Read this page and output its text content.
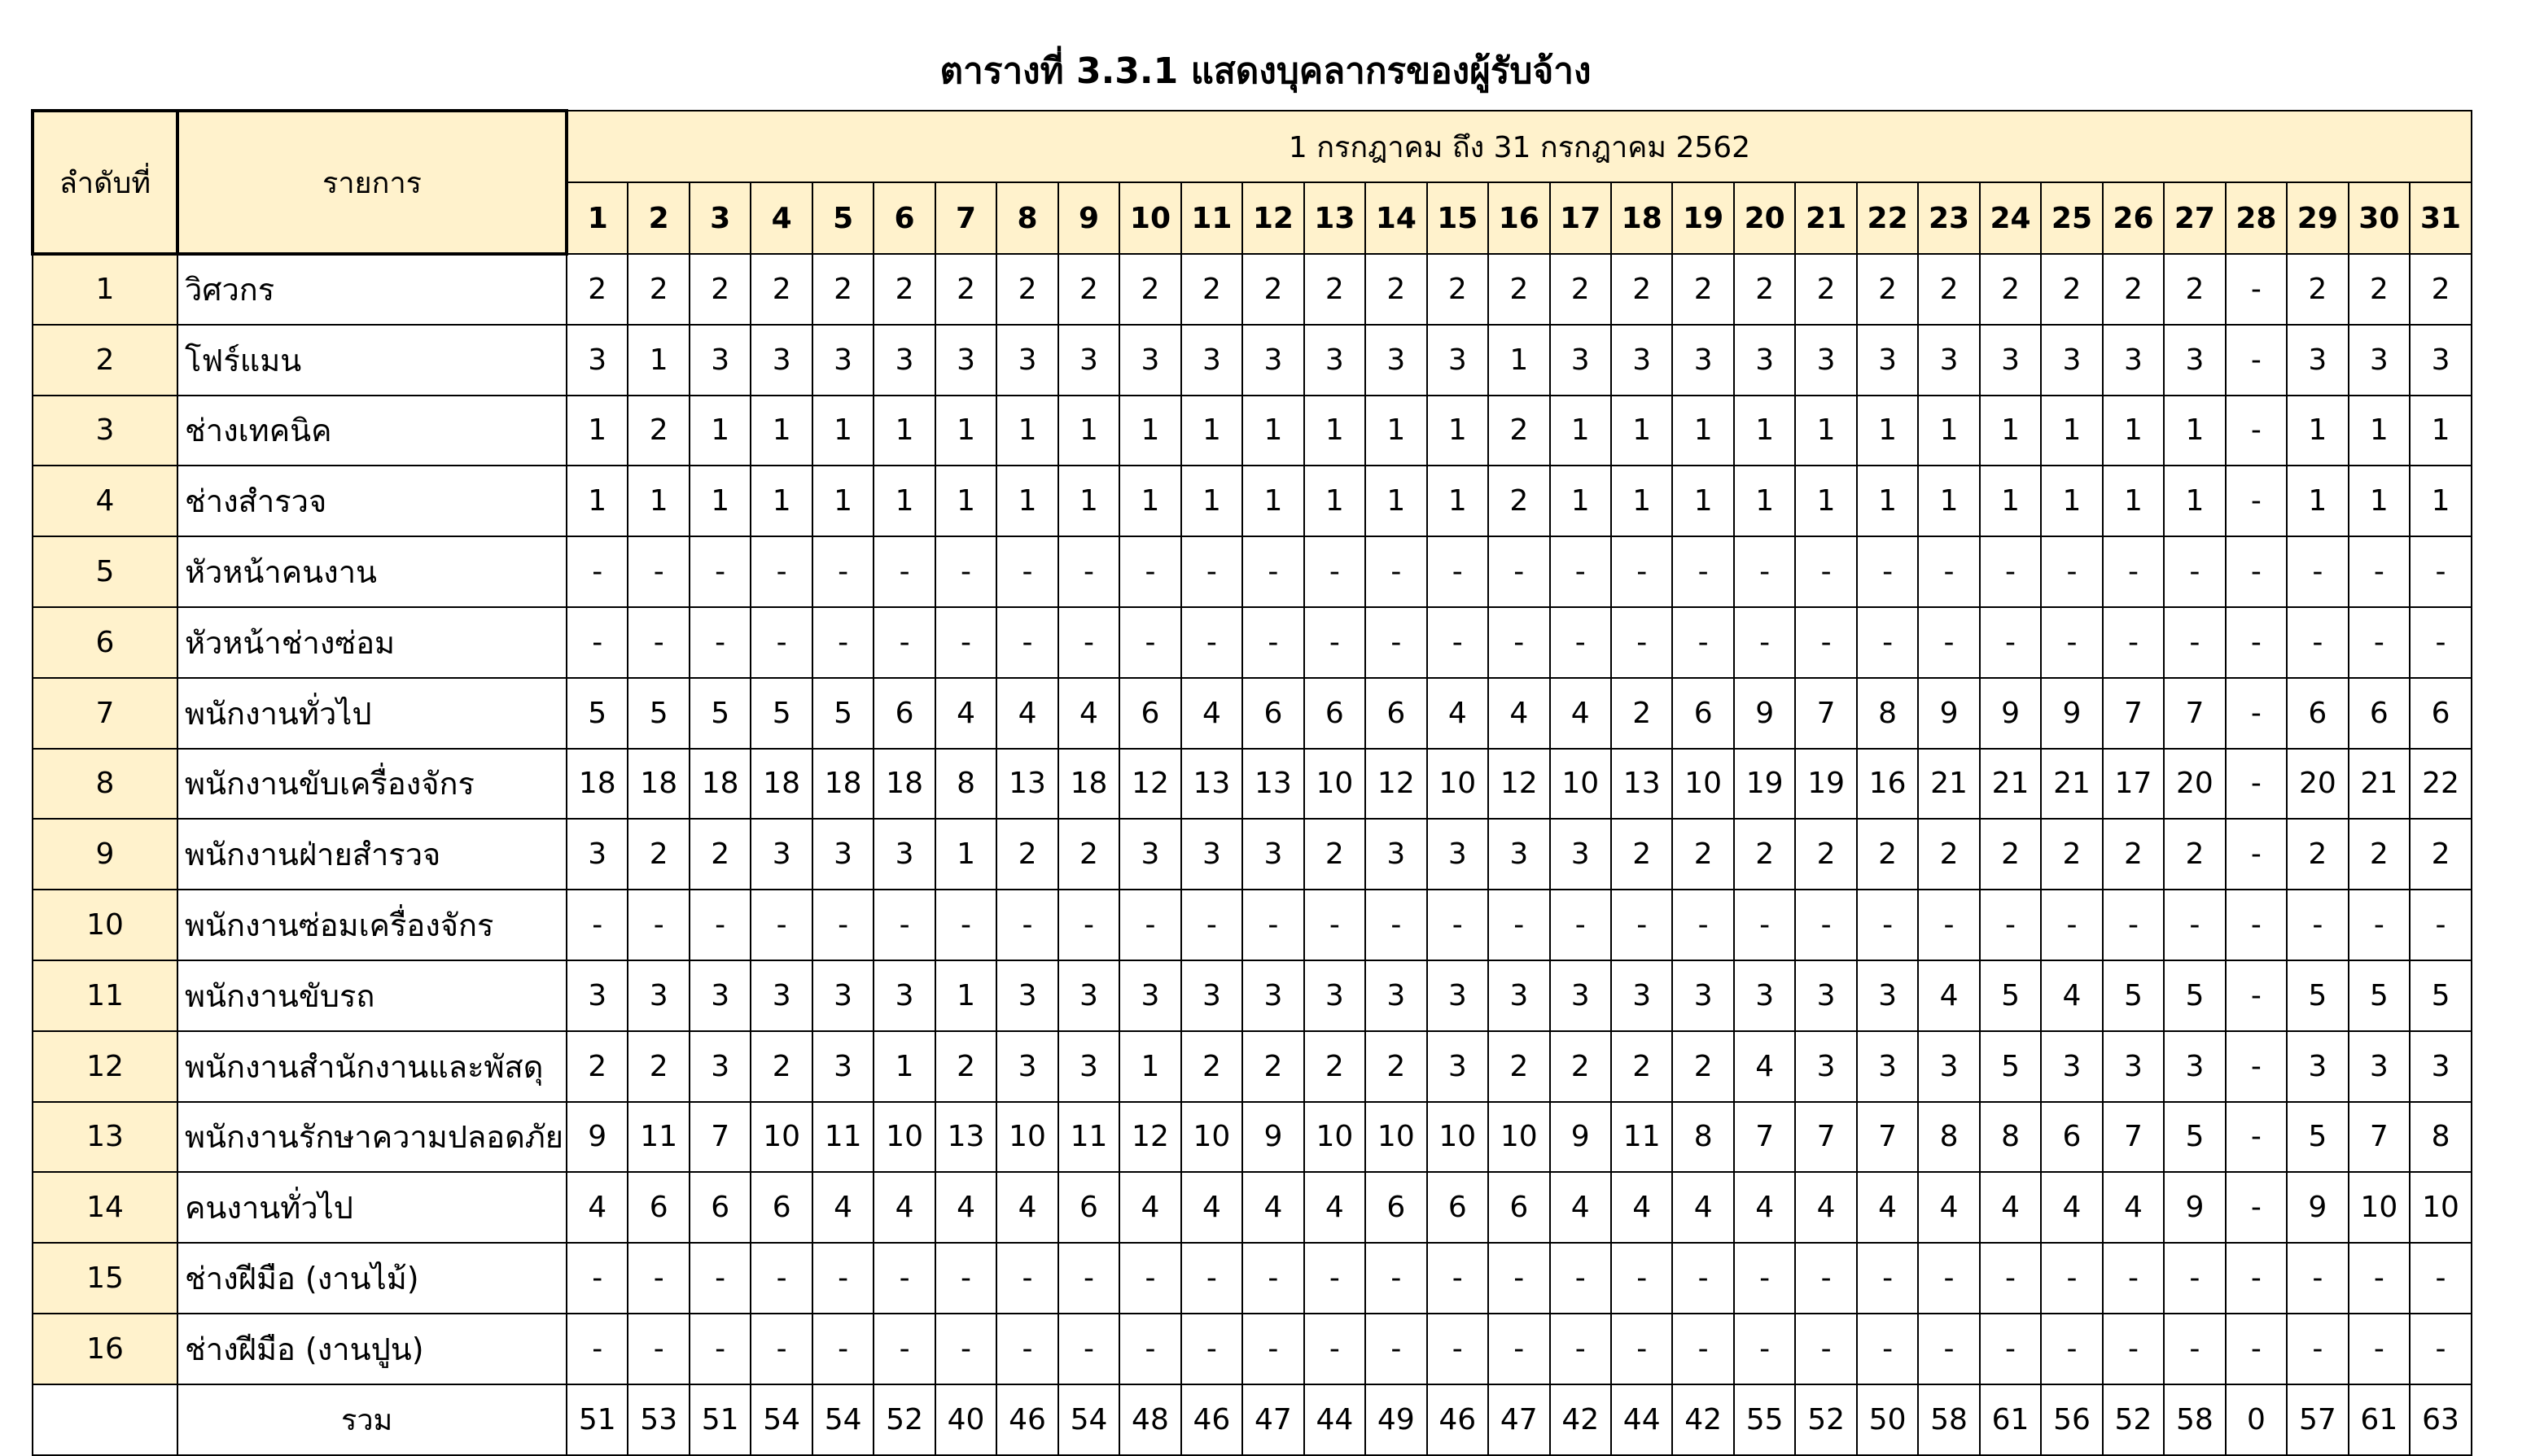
ตารางที่ 3.3.1 แสดงบุคลากรของผู้รับจ้าง
ลำดับที่	รายการ	1 กรกฎาคม ถึง 31 กรกฎาคม 2562																														
		1	2	3	4	5	6	7	8	9	10	11	12	13	14	15	16	17	18	19	20	21	22	23	24	25	26	27	28	29	30	31
1	วิศวกร	2	2	2	2	2	2	2	2	2	2	2	2	2	2	2	2	2	2	2	2	2	2	2	2	2	2	2	-	2	2	2
2	โฟร์แมน	3	1	3	3	3	3	3	3	3	3	3	3	3	3	3	1	3	3	3	3	3	3	3	3	3	3	3	-	3	3	3
3	ช่างเทคนิค	1	2	1	1	1	1	1	1	1	1	1	1	1	1	1	2	1	1	1	1	1	1	1	1	1	1	1	-	1	1	1
4	ช่างสำรวจ	1	1	1	1	1	1	1	1	1	1	1	1	1	1	1	2	1	1	1	1	1	1	1	1	1	1	1	-	1	1	1
5	หัวหน้าคนงาน	-	-	-	-	-	-	-	-	-	-	-	-	-	-	-	-	-	-	-	-	-	-	-	-	-	-	-	-	-	-	-
6	หัวหน้าช่างซ่อม	-	-	-	-	-	-	-	-	-	-	-	-	-	-	-	-	-	-	-	-	-	-	-	-	-	-	-	-	-	-	-
7	พนักงานทั่วไป	5	5	5	5	5	6	4	4	4	6	4	6	6	6	4	4	4	2	6	9	7	8	9	9	9	7	7	-	6	6	6
8	พนักงานขับเครื่องจักร	18	18	18	18	18	18	8	13	18	12	13	13	10	12	10	12	10	13	10	19	19	16	21	21	21	17	20	-	20	21	22
9	พนักงานฝ่ายสำรวจ	3	2	2	3	3	3	1	2	2	3	3	3	2	3	3	3	3	2	2	2	2	2	2	2	2	2	2	-	2	2	2
10	พนักงานซ่อมเครื่องจักร	-	-	-	-	-	-	-	-	-	-	-	-	-	-	-	-	-	-	-	-	-	-	-	-	-	-	-	-	-	-	-
11	พนักงานขับรถ	3	3	3	3	3	3	1	3	3	3	3	3	3	3	3	3	3	3	3	3	3	3	4	5	4	5	5	-	5	5	5
12	พนักงานสำนักงานและพัสดุ	2	2	3	2	3	1	2	3	3	1	2	2	2	2	3	2	2	2	2	4	3	3	3	5	3	3	3	-	3	3	3
13	พนักงานรักษาความปลอดภัย	9	11	7	10	11	10	13	10	11	12	10	9	10	10	10	10	9	11	8	7	7	7	8	8	6	7	5	-	5	7	8
14	คนงานทั่วไป	4	6	6	6	4	4	4	4	6	4	4	4	4	6	6	6	4	4	4	4	4	4	4	4	4	4	9	-	9	10	10
15	ช่างฝีมือ (งานไม้)	-	-	-	-	-	-	-	-	-	-	-	-	-	-	-	-	-	-	-	-	-	-	-	-	-	-	-	-	-	-	-
16	ช่างฝีมือ (งานปูน)	-	-	-	-	-	-	-	-	-	-	-	-	-	-	-	-	-	-	-	-	-	-	-	-	-	-	-	-	-	-	-
	รวม	51	53	51	54	54	52	40	46	54	48	46	47	44	49	46	47	42	44	42	55	52	50	58	61	56	52	58	0	57	61	63
